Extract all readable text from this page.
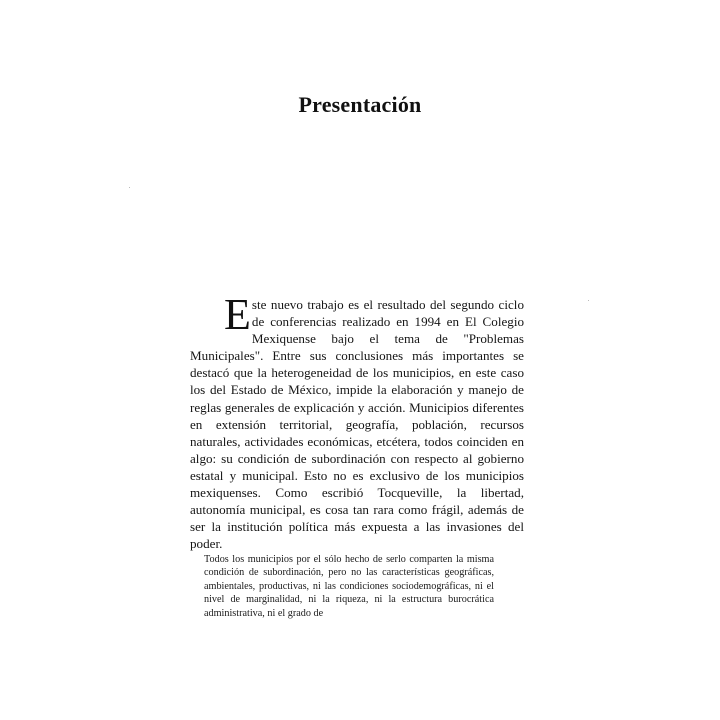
Presentación
E ste nuevo trabajo es el resultado del segundo ciclo de conferencias realizado en 1994 en El Colegio Mexiquense bajo el tema de "Problemas Municipales". Entre sus conclusiones más importantes se destacó que la heterogeneidad de los municipios, en este caso los del Estado de México, impide la elaboración y manejo de reglas generales de explicación y acción. Municipios diferentes en extensión territorial, geografía, población, recursos naturales, actividades económicas, etcétera, todos coinciden en algo: su condición de subordinación con respecto al gobierno estatal y municipal. Esto no es exclusivo de los municipios mexiquenses. Como escribió Tocqueville, la libertad, autonomía municipal, es cosa tan rara como frágil, además de ser la institución política más expuesta a las invasiones del poder.
Todos los municipios por el sólo hecho de serlo comparten la misma condición de subordinación, pero no las características geográficas, ambientales, productivas, ni las condiciones sociodemográficas, ni el nivel de marginalidad, ni la riqueza, ni la estructura burocrática administrativa, ni el grado de
